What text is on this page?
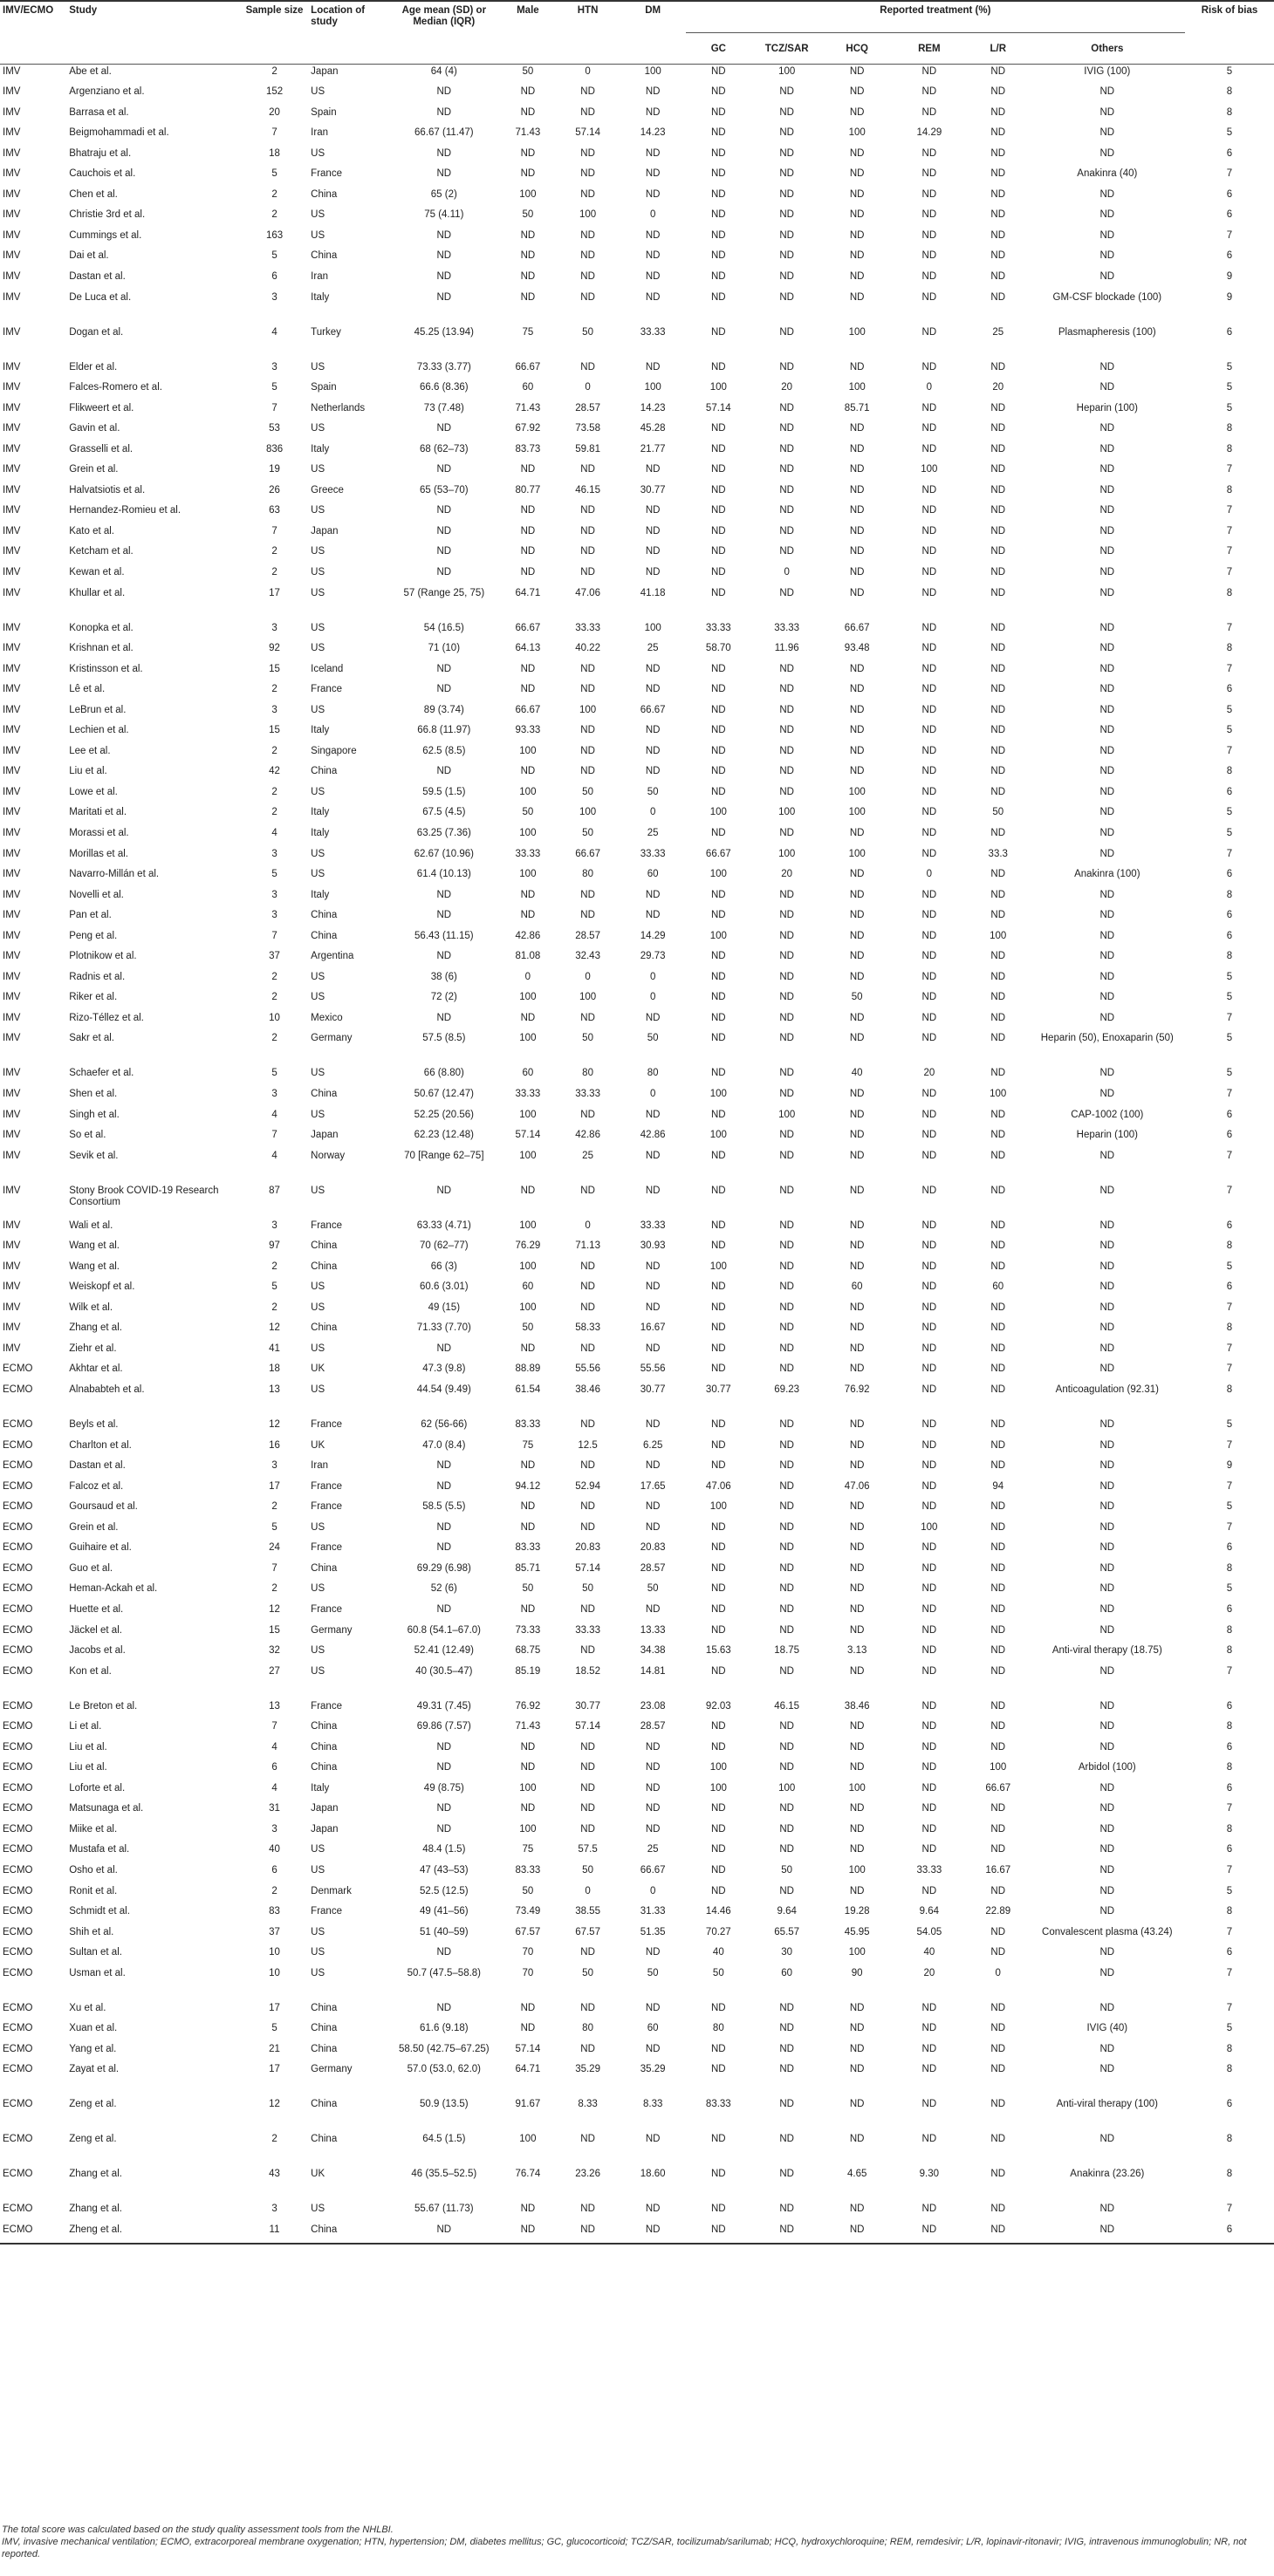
IMV/ECMO	Study	Sample size	Location of study	Age mean (SD) or Median (IQR)	Male	HTN	DM	Reported treatment (%)						Risk of bias
								GC	TCZ/SAR	HCQ	REM	L/R	Others	
IMV	Abe et al.	2	Japan	64 (4)	50	0	100	ND	100	ND	ND	ND	IVIG (100)	5
IMV	Argenziano et al.	152	US	ND	ND	ND	ND	ND	ND	ND	ND	ND	ND	8
IMV	Barrasa et al.	20	Spain	ND	ND	ND	ND	ND	ND	ND	ND	ND	ND	8
IMV	Beigmohammadi et al.	7	Iran	66.67 (11.47)	71.43	57.14	14.23	ND	ND	100	14.29	ND	ND	5
IMV	Bhatraju et al.	18	US	ND	ND	ND	ND	ND	ND	ND	ND	ND	ND	6
IMV	Cauchois et al.	5	France	ND	ND	ND	ND	ND	ND	ND	ND	ND	Anakinra (40)	7
IMV	Chen et al.	2	China	65 (2)	100	ND	ND	ND	ND	ND	ND	ND	ND	6
IMV	Christie 3rd et al.	2	US	75 (4.11)	50	100	0	ND	ND	ND	ND	ND	ND	6
IMV	Cummings et al.	163	US	ND	ND	ND	ND	ND	ND	ND	ND	ND	ND	7
IMV	Dai et al.	5	China	ND	ND	ND	ND	ND	ND	ND	ND	ND	ND	6
IMV	Dastan et al.	6	Iran	ND	ND	ND	ND	ND	ND	ND	ND	ND	ND	9
IMV	De Luca et al.	3	Italy	ND	ND	ND	ND	ND	ND	ND	ND	ND	GM-CSF blockade (100)	9
IMV	Dogan et al.	4	Turkey	45.25 (13.94)	75	50	33.33	ND	ND	100	ND	25	Plasmapheresis (100)	6
IMV	Elder et al.	3	US	73.33 (3.77)	66.67	ND	ND	ND	ND	ND	ND	ND	ND	5
IMV	Falces-Romero et al.	5	Spain	66.6 (8.36)	60	0	100	100	20	100	0	20	ND	5
IMV	Flikweert et al.	7	Netherlands	73 (7.48)	71.43	28.57	14.23	57.14	ND	85.71	ND	ND	Heparin (100)	5
IMV	Gavin et al.	53	US	ND	67.92	73.58	45.28	ND	ND	ND	ND	ND	ND	8
IMV	Grasselli et al.	836	Italy	68 (62–73)	83.73	59.81	21.77	ND	ND	ND	ND	ND	ND	8
IMV	Grein et al.	19	US	ND	ND	ND	ND	ND	ND	ND	100	ND	ND	7
IMV	Halvatsiotis et al.	26	Greece	65 (53–70)	80.77	46.15	30.77	ND	ND	ND	ND	ND	ND	8
IMV	Hernandez-Romieu et al.	63	US	ND	ND	ND	ND	ND	ND	ND	ND	ND	ND	7
IMV	Kato et al.	7	Japan	ND	ND	ND	ND	ND	ND	ND	ND	ND	ND	7
IMV	Ketcham et al.	2	US	ND	ND	ND	ND	ND	ND	ND	ND	ND	ND	7
IMV	Kewan et al.	2	US	ND	ND	ND	ND	ND	0	ND	ND	ND	ND	7
IMV	Khullar et al.	17	US	57 (Range 25, 75)	64.71	47.06	41.18	ND	ND	ND	ND	ND	ND	8
IMV	Konopka et al.	3	US	54 (16.5)	66.67	33.33	100	33.33	33.33	66.67	ND	ND	ND	7
IMV	Krishnan et al.	92	US	71 (10)	64.13	40.22	25	58.70	11.96	93.48	ND	ND	ND	8
IMV	Kristinsson et al.	15	Iceland	ND	ND	ND	ND	ND	ND	ND	ND	ND	ND	7
IMV	Lê et al.	2	France	ND	ND	ND	ND	ND	ND	ND	ND	ND	ND	6
IMV	LeBrun et al.	3	US	89 (3.74)	66.67	100	66.67	ND	ND	ND	ND	ND	ND	5
IMV	Lechien et al.	15	Italy	66.8 (11.97)	93.33	ND	ND	ND	ND	ND	ND	ND	ND	5
IMV	Lee et al.	2	Singapore	62.5 (8.5)	100	ND	ND	ND	ND	ND	ND	ND	ND	7
IMV	Liu et al.	42	China	ND	ND	ND	ND	ND	ND	ND	ND	ND	ND	8
IMV	Lowe et al.	2	US	59.5 (1.5)	100	50	50	ND	ND	100	ND	ND	ND	6
IMV	Maritati et al.	2	Italy	67.5 (4.5)	50	100	0	100	100	100	ND	50	ND	5
IMV	Morassi et al.	4	Italy	63.25 (7.36)	100	50	25	ND	ND	ND	ND	ND	ND	5
IMV	Morillas et al.	3	US	62.67 (10.96)	33.33	66.67	33.33	66.67	100	100	ND	33.3	ND	7
IMV	Navarro-Millán et al.	5	US	61.4 (10.13)	100	80	60	100	20	ND	0	ND	Anakinra (100)	6
IMV	Novelli et al.	3	Italy	ND	ND	ND	ND	ND	ND	ND	ND	ND	ND	8
IMV	Pan et al.	3	China	ND	ND	ND	ND	ND	ND	ND	ND	ND	ND	6
IMV	Peng et al.	7	China	56.43 (11.15)	42.86	28.57	14.29	100	ND	ND	ND	100	ND	6
IMV	Plotnikow et al.	37	Argentina	ND	81.08	32.43	29.73	ND	ND	ND	ND	ND	ND	8
IMV	Radnis et al.	2	US	38 (6)	0	0	0	ND	ND	ND	ND	ND	ND	5
IMV	Riker et al.	2	US	72 (2)	100	100	0	ND	ND	50	ND	ND	ND	5
IMV	Rizo-Téllez et al.	10	Mexico	ND	ND	ND	ND	ND	ND	ND	ND	ND	ND	7
IMV	Sakr et al.	2	Germany	57.5 (8.5)	100	50	50	ND	ND	ND	ND	ND	Heparin (50), Enoxaparin (50)	5
IMV	Schaefer et al.	5	US	66 (8.80)	60	80	80	ND	ND	40	20	ND	ND	5
IMV	Shen et al.	3	China	50.67 (12.47)	33.33	33.33	0	100	ND	ND	ND	100	ND	7
IMV	Singh et al.	4	US	52.25 (20.56)	100	ND	ND	ND	100	ND	ND	ND	CAP-1002 (100)	6
IMV	So et al.	7	Japan	62.23 (12.48)	57.14	42.86	42.86	100	ND	ND	ND	ND	Heparin (100)	6
IMV	Sevik et al.	4	Norway	70 [Range 62–75]	100	25	ND	ND	ND	ND	ND	ND	ND	7
IMV	Stony Brook COVID-19 Research Consortium	87	US	ND	ND	ND	ND	ND	ND	ND	ND	ND	ND	7
IMV	Wali et al.	3	France	63.33 (4.71)	100	0	33.33	ND	ND	ND	ND	ND	ND	6
IMV	Wang et al.	97	China	70 (62–77)	76.29	71.13	30.93	ND	ND	ND	ND	ND	ND	8
IMV	Wang et al.	2	China	66 (3)	100	ND	ND	100	ND	ND	ND	ND	ND	5
IMV	Weiskopf et al.	5	US	60.6 (3.01)	60	ND	ND	ND	ND	60	ND	60	ND	6
IMV	Wilk et al.	2	US	49 (15)	100	ND	ND	ND	ND	ND	ND	ND	ND	7
IMV	Zhang et al.	12	China	71.33 (7.70)	50	58.33	16.67	ND	ND	ND	ND	ND	ND	8
IMV	Ziehr et al.	41	US	ND	ND	ND	ND	ND	ND	ND	ND	ND	ND	7
ECMO	Akhtar et al.	18	UK	47.3 (9.8)	88.89	55.56	55.56	ND	ND	ND	ND	ND	ND	7
ECMO	Alnababteh et al.	13	US	44.54 (9.49)	61.54	38.46	30.77	30.77	69.23	76.92	ND	ND	Anticoagulation (92.31)	8
ECMO	Beyls et al.	12	France	62 (56-66)	83.33	ND	ND	ND	ND	ND	ND	ND	ND	5
ECMO	Charlton et al.	16	UK	47.0 (8.4)	75	12.5	6.25	ND	ND	ND	ND	ND	ND	7
ECMO	Dastan et al.	3	Iran	ND	ND	ND	ND	ND	ND	ND	ND	ND	ND	9
ECMO	Falcoz et al.	17	France	ND	94.12	52.94	17.65	47.06	ND	47.06	ND	94	ND	7
ECMO	Goursaud et al.	2	France	58.5 (5.5)	ND	ND	ND	100	ND	ND	ND	ND	ND	5
ECMO	Grein et al.	5	US	ND	ND	ND	ND	ND	ND	ND	100	ND	ND	7
ECMO	Guihaire et al.	24	France	ND	83.33	20.83	20.83	ND	ND	ND	ND	ND	ND	6
ECMO	Guo et al.	7	China	69.29 (6.98)	85.71	57.14	28.57	ND	ND	ND	ND	ND	ND	8
ECMO	Heman-Ackah et al.	2	US	52 (6)	50	50	50	ND	ND	ND	ND	ND	ND	5
ECMO	Huette et al.	12	France	ND	ND	ND	ND	ND	ND	ND	ND	ND	ND	6
ECMO	Jäckel et al.	15	Germany	60.8 (54.1–67.0)	73.33	33.33	13.33	ND	ND	ND	ND	ND	ND	8
ECMO	Jacobs et al.	32	US	52.41 (12.49)	68.75	ND	34.38	15.63	18.75	3.13	ND	ND	Anti-viral therapy (18.75)	8
ECMO	Kon et al.	27	US	40 (30.5–47)	85.19	18.52	14.81	ND	ND	ND	ND	ND	ND	7
ECMO	Le Breton et al.	13	France	49.31 (7.45)	76.92	30.77	23.08	92.03	46.15	38.46	ND	ND	ND	6
ECMO	Li et al.	7	China	69.86 (7.57)	71.43	57.14	28.57	ND	ND	ND	ND	ND	ND	8
ECMO	Liu et al.	4	China	ND	ND	ND	ND	ND	ND	ND	ND	ND	ND	6
ECMO	Liu et al.	6	China	ND	ND	ND	ND	100	ND	ND	ND	100	Arbidol (100)	8
ECMO	Loforte et al.	4	Italy	49 (8.75)	100	ND	ND	100	100	100	ND	66.67	ND	6
ECMO	Matsunaga et al.	31	Japan	ND	ND	ND	ND	ND	ND	ND	ND	ND	ND	7
ECMO	Miike et al.	3	Japan	ND	100	ND	ND	ND	ND	ND	ND	ND	ND	8
ECMO	Mustafa et al.	40	US	48.4 (1.5)	75	57.5	25	ND	ND	ND	ND	ND	ND	6
ECMO	Osho et al.	6	US	47 (43–53)	83.33	50	66.67	ND	50	100	33.33	16.67	ND	7
ECMO	Ronit et al.	2	Denmark	52.5 (12.5)	50	0	0	ND	ND	ND	ND	ND	ND	5
ECMO	Schmidt et al.	83	France	49 (41–56)	73.49	38.55	31.33	14.46	9.64	19.28	9.64	22.89	ND	8
ECMO	Shih et al.	37	US	51 (40–59)	67.57	67.57	51.35	70.27	65.57	45.95	54.05	ND	Convalescent plasma (43.24)	7
ECMO	Sultan et al.	10	US	ND	70	ND	ND	40	30	100	40	ND	ND	6
ECMO	Usman et al.	10	US	50.7 (47.5–58.8)	70	50	50	50	60	90	20	0	ND	7
ECMO	Xu et al.	17	China	ND	ND	ND	ND	ND	ND	ND	ND	ND	ND	7
ECMO	Xuan et al.	5	China	61.6 (9.18)	ND	80	60	80	ND	ND	ND	ND	IVIG (40)	5
ECMO	Yang et al.	21	China	58.50 (42.75–67.25)	57.14	ND	ND	ND	ND	ND	ND	ND	ND	8
ECMO	Zayat et al.	17	Germany	57.0 (53.0, 62.0)	64.71	35.29	35.29	ND	ND	ND	ND	ND	ND	8
ECMO	Zeng et al.	12	China	50.9 (13.5)	91.67	8.33	8.33	83.33	ND	ND	ND	ND	Anti-viral therapy (100)	6
ECMO	Zeng et al.	2	China	64.5 (1.5)	100	ND	ND	ND	ND	ND	ND	ND	ND	8
ECMO	Zhang et al.	43	UK	46 (35.5–52.5)	76.74	23.26	18.60	ND	ND	4.65	9.30	ND	Anakinra (23.26)	8
ECMO	Zhang et al.	3	US	55.67 (11.73)	ND	ND	ND	ND	ND	ND	ND	ND	ND	7
ECMO	Zheng et al.	11	China	ND	ND	ND	ND	ND	ND	ND	ND	ND	ND	6

The total score was calculated based on the study quality assessment tools from the NHLBI.

IMV, invasive mechanical ventilation; ECMO, extracorporeal membrane oxygenation; HTN, hypertension; DM, diabetes mellitus; GC, glucocorticoid; TCZ/SAR, tocilizumab/sarilumab; HCQ, hydroxychloroquine; REM, remdesivir; L/R, lopinavir-ritonavir; IVIG, intravenous immunoglobulin; NR, not reported.
